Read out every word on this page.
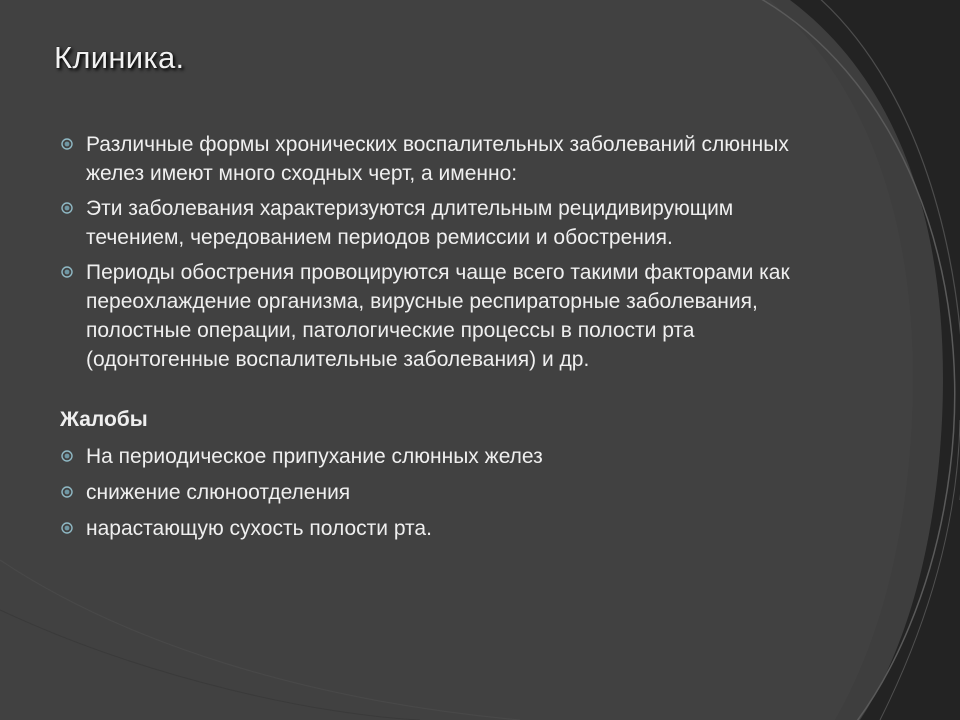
Клиника.
Различные формы хронических воспалительных заболеваний слюнных желез имеют много сходных черт, а именно:
Эти заболевания характеризуются длительным рецидивирующим течением, чередованием периодов ремиссии и обострения.
Периоды обострения провоцируются чаще всего такими факторами как переохлаждение организма, вирусные респираторные заболевания, полостные операции, патологические процессы в полости рта (одонтогенные воспалительные заболевания) и др.
Жалобы
На периодическое припухание слюнных желез
снижение слюноотделения
нарастающую сухость полости рта.
